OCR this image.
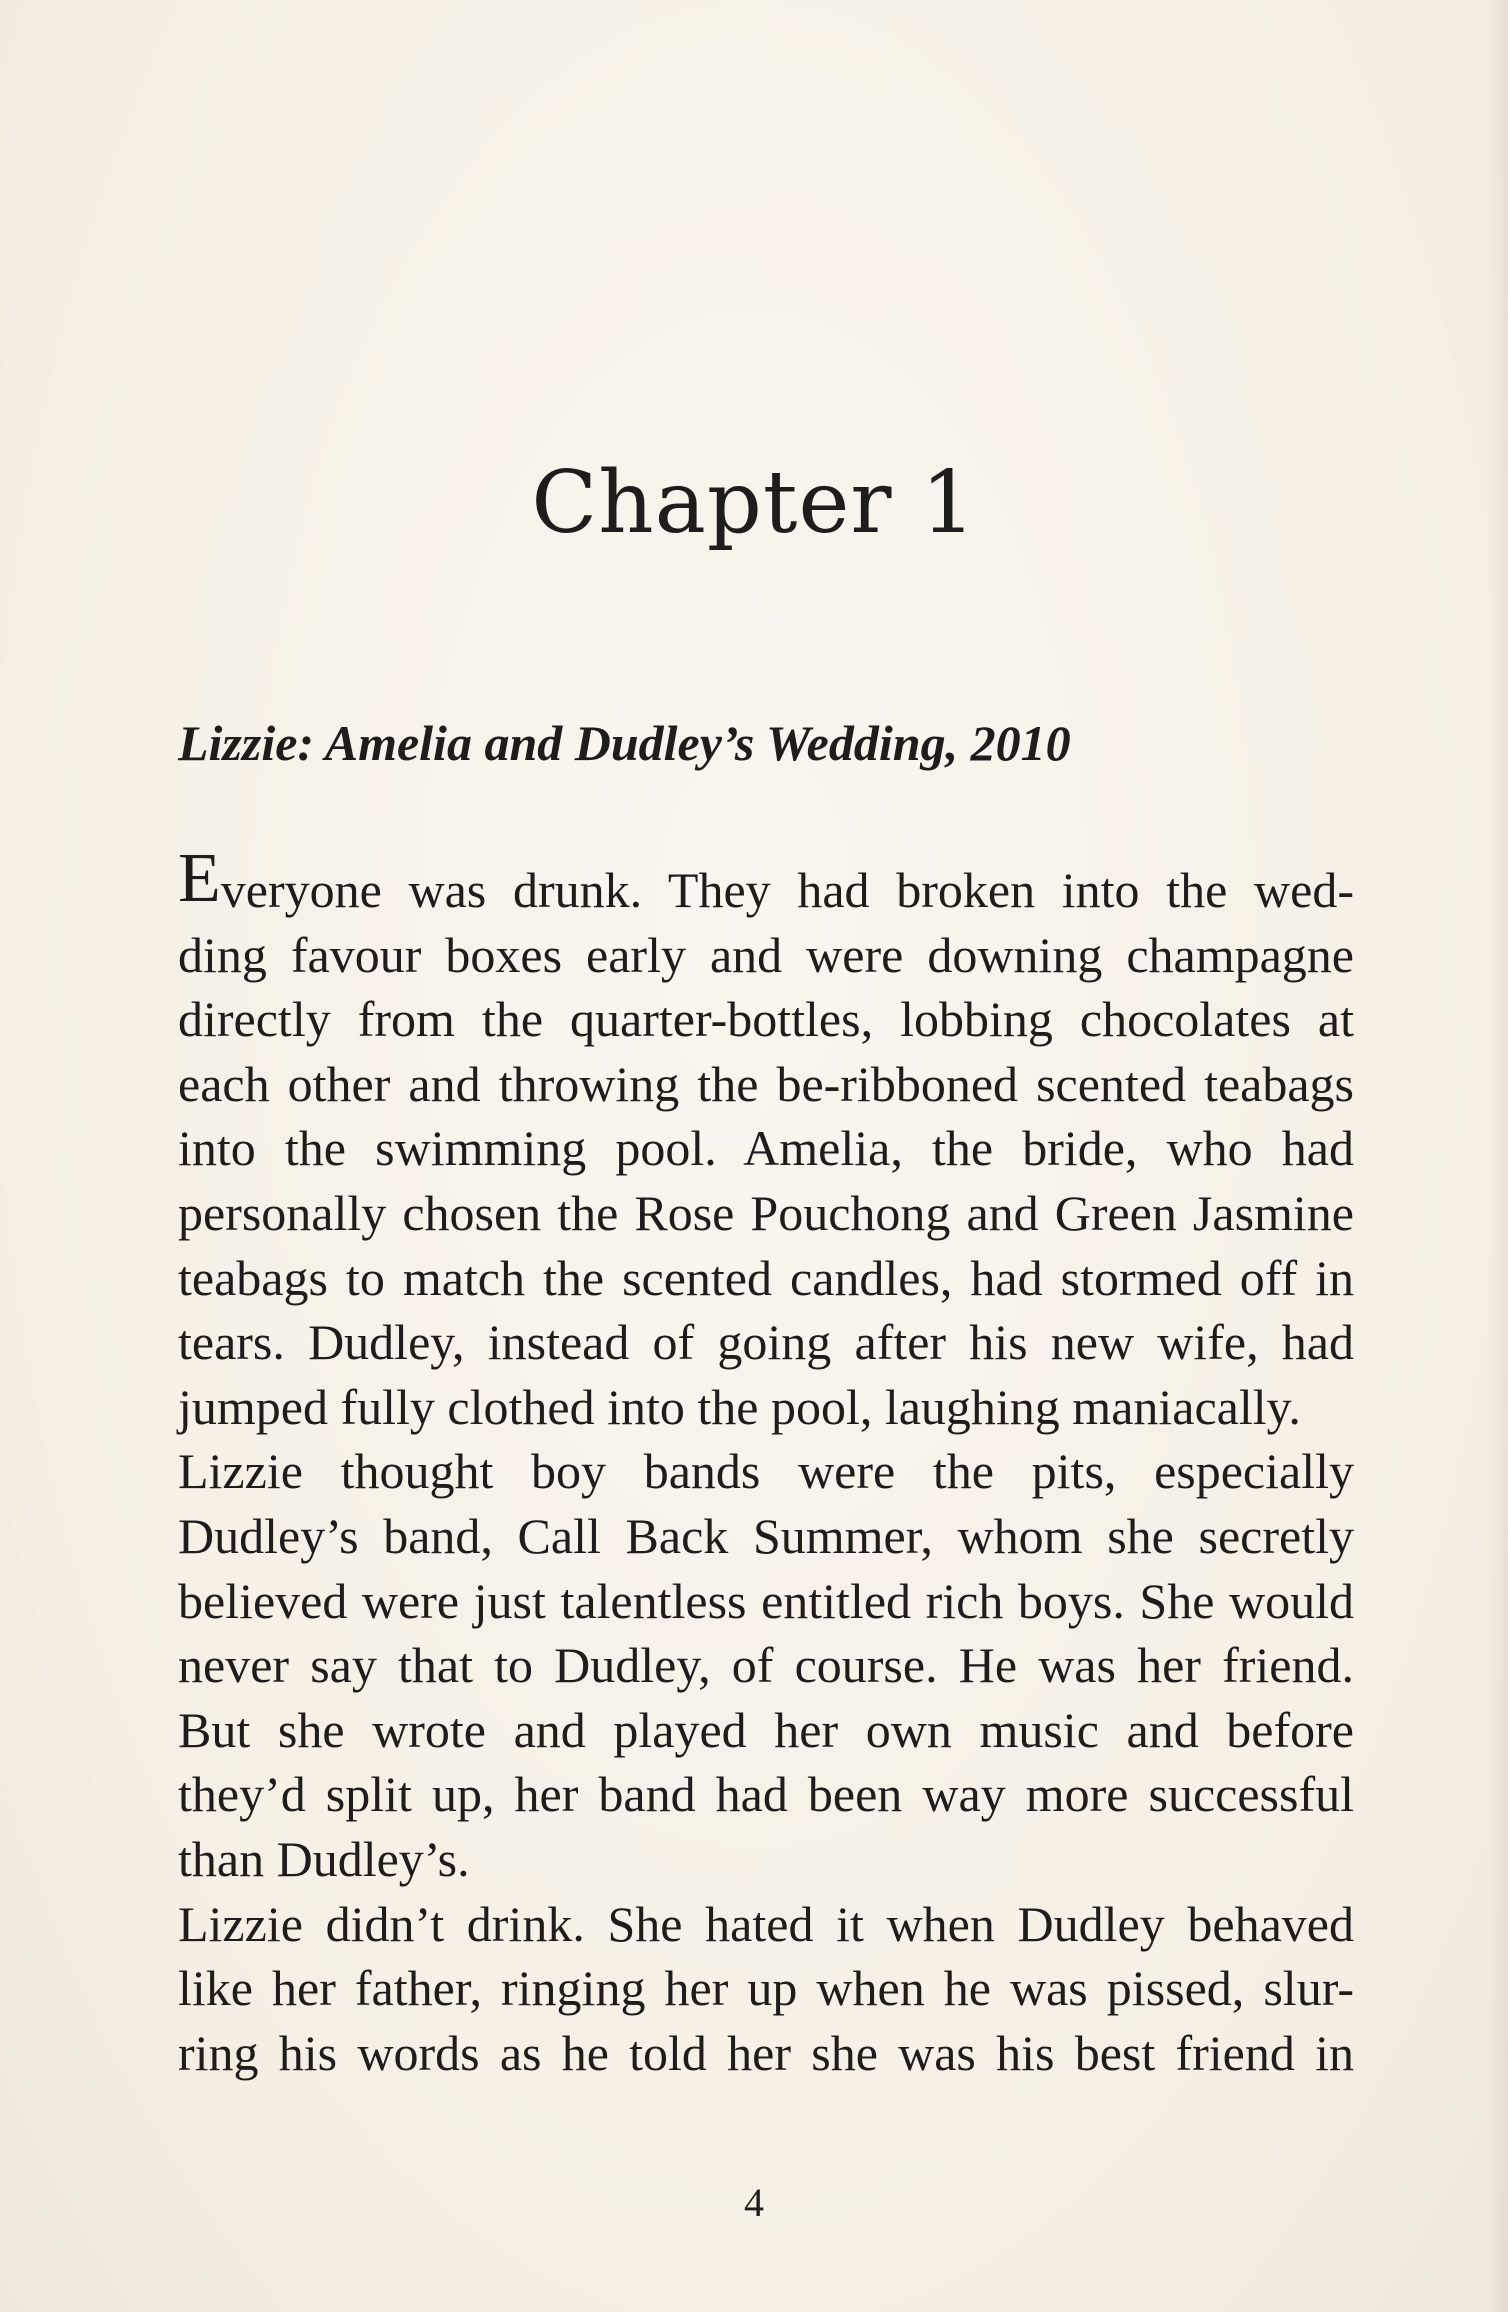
Chapter 1
Lizzie: Amelia and Dudley’s Wedding, 2010
Everyone was drunk. They had broken into the wed-
ding favour boxes early and were downing champagne
directly from the quarter-bottles, lobbing chocolates at
each other and throwing the be-ribboned scented teabags
into the swimming pool. Amelia, the bride, who had
personally chosen the Rose Pouchong and Green Jasmine
teabags to match the scented candles, had stormed off in
tears. Dudley, instead of going after his new wife, had
jumped fully clothed into the pool, laughing maniacally.
Lizzie thought boy bands were the pits, especially
Dudley’s band, Call Back Summer, whom she secretly
believed were just talentless entitled rich boys. She would
never say that to Dudley, of course. He was her friend.
But she wrote and played her own music and before
they’d split up, her band had been way more successful
than Dudley’s.
Lizzie didn’t drink. She hated it when Dudley behaved
like her father, ringing her up when he was pissed, slur-
ring his words as he told her she was his best friend in

4
